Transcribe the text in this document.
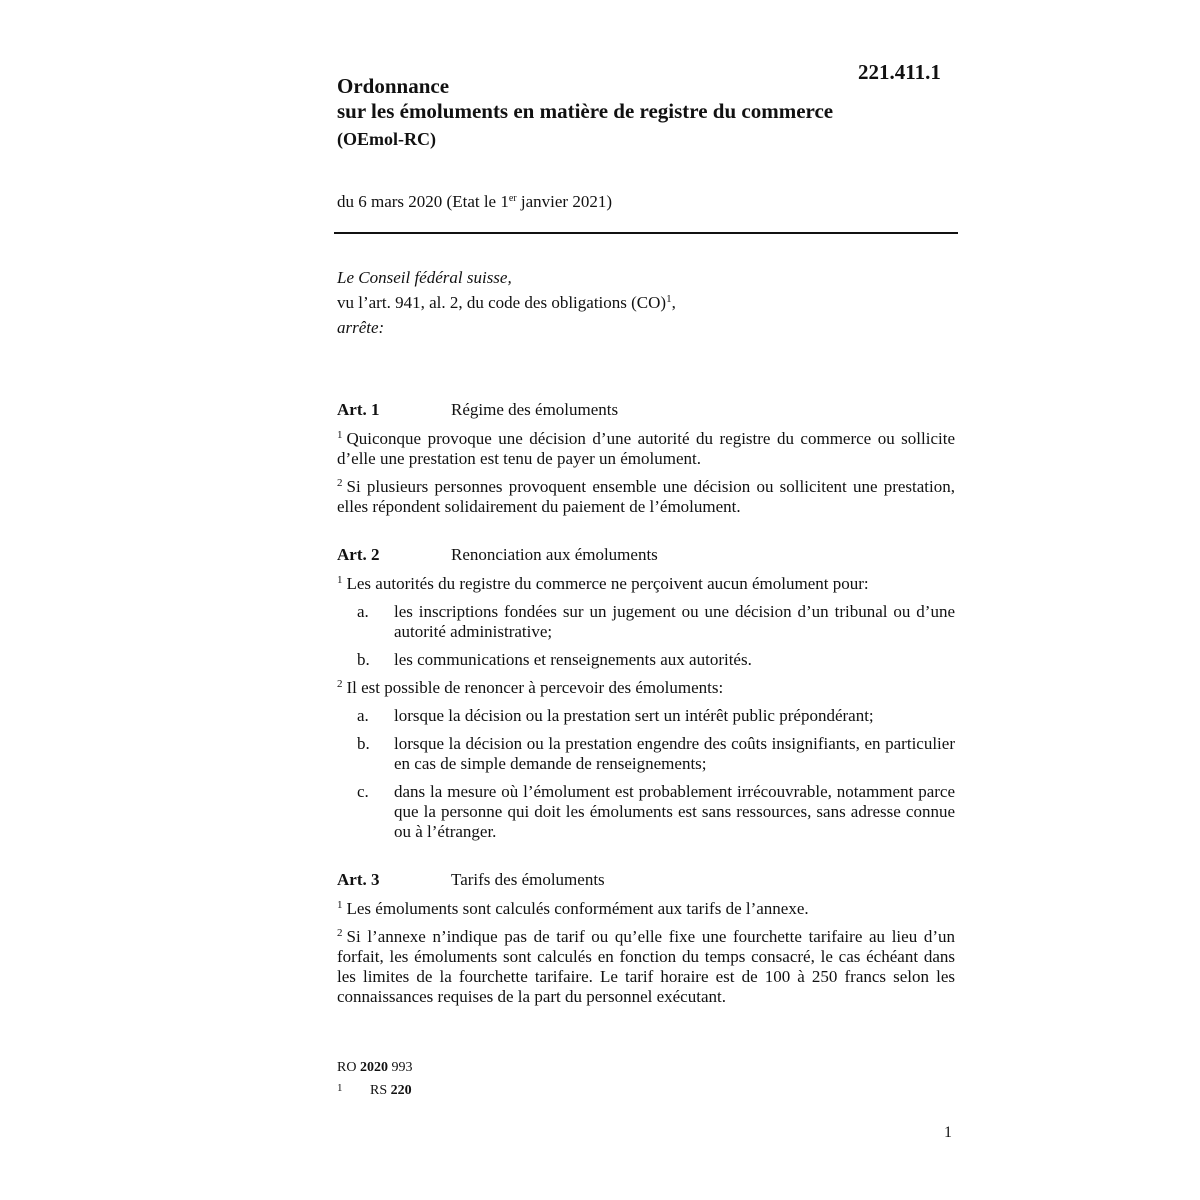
221.411.1
Ordonnance
sur les émoluments en matière de registre du commerce
(OEmol-RC)
du 6 mars 2020 (Etat le 1er janvier 2021)
Le Conseil fédéral suisse,
vu l’art. 941, al. 2, du code des obligations (CO)$^1$,
arrête:
Art. 1	Régime des émoluments
$^1$ Quiconque provoque une décision d’une autorité du registre du commerce ou sollicite d’elle une prestation est tenu de payer un émolument.
$^2$ Si plusieurs personnes provoquent ensemble une décision ou sollicitent une prestation, elles répondent solidairement du paiement de l’émolument.
Art. 2	Renonciation aux émoluments
$^1$ Les autorités du registre du commerce ne perçoivent aucun émolument pour:
a.	les inscriptions fondées sur un jugement ou une décision d’un tribunal ou d’une autorité administrative;
b.	les communications et renseignements aux autorités.
$^2$ Il est possible de renoncer à percevoir des émoluments:
a.	lorsque la décision ou la prestation sert un intérêt public prépondérant;
b.	lorsque la décision ou la prestation engendre des coûts insignifiants, en particulier en cas de simple demande de renseignements;
c.	dans la mesure où l’émolument est probablement irrécouvrable, notamment parce que la personne qui doit les émoluments est sans ressources, sans adresse connue ou à l’étranger.
Art. 3	Tarifs des émoluments
$^1$ Les émoluments sont calculés conformément aux tarifs de l’annexe.
$^2$ Si l’annexe n’indique pas de tarif ou qu’elle fixe une fourchette tarifaire au lieu d’un forfait, les émoluments sont calculés en fonction du temps consacré, le cas échéant dans les limites de la fourchette tarifaire. Le tarif horaire est de 100 à 250 francs selon les connaissances requises de la part du personnel exécutant.
RO 2020 993
1 RS 220
1
